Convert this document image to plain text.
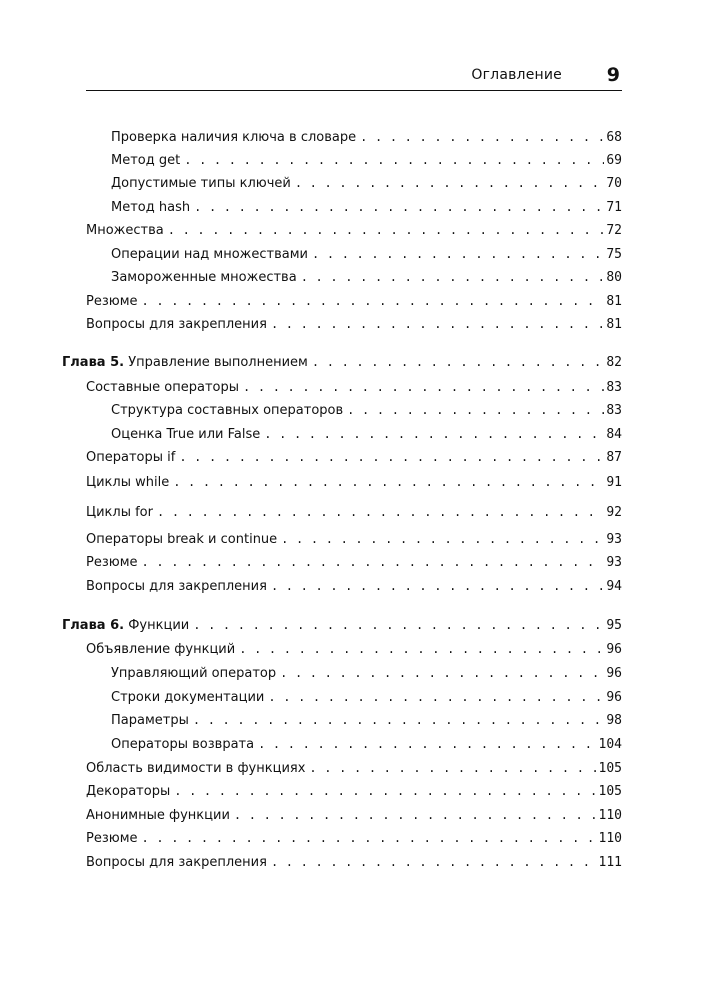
Оглавление 9
Проверка наличия ключа в словаре . . .	68
Метод get . . .	69
Допустимые типы ключей . . .	70
Метод hash . . .	71
Множества . . .	72
Операции над множествами . . .	75
Замороженные множества . . .	80
Резюме . . .	81
Вопросы для закрепления . . .	81
Глава 5. Управление выполнением . . .	82
Составные операторы . . .	83
Структура составных операторов . . .	83
Оценка True или False . . .	84
Операторы if . . .	87
Циклы while . . .	91
Циклы for . . .	92
Операторы break и continue . . .	93
Резюме . . .	93
Вопросы для закрепления . . .	94
Глава 6. Функции . . .	95
Объявление функций . . .	96
Управляющий оператор . . .	96
Строки документации . . .	96
Параметры . . .	98
Операторы возврата . . .	104
Область видимости в функциях . . .	105
Декораторы . . .	105
Анонимные функции . . .	110
Резюме . . .	110
Вопросы для закрепления . . .	111
